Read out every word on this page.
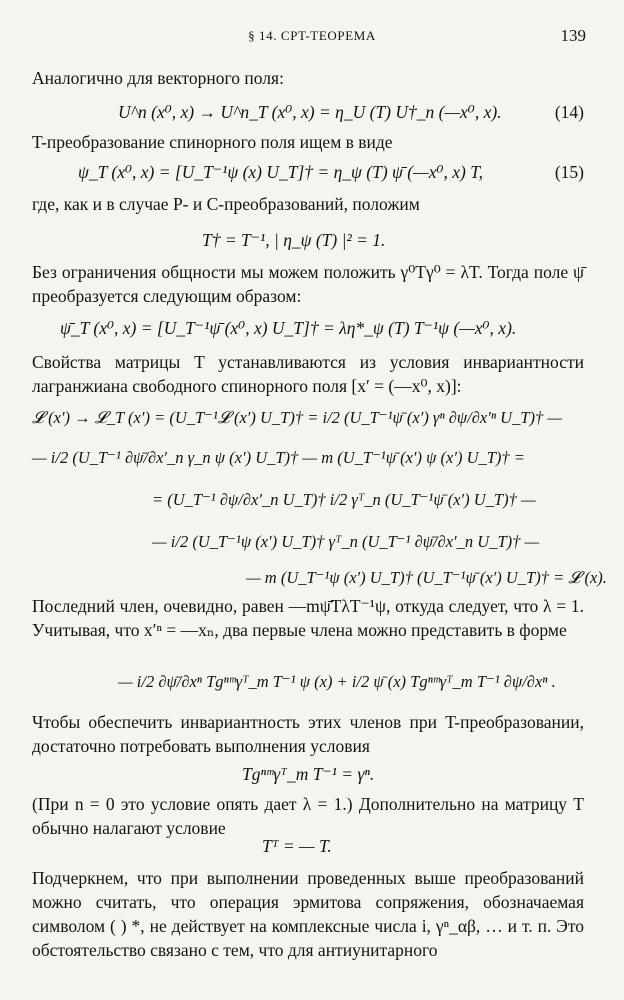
§ 14. CPT-ТЕОРЕМА	139
Аналогично для векторного поля:
U^n (x⁰, x) → U^n_T (x⁰, x) = η_U (T) U†_n (—x⁰, x).	(14)
T-преобразование спинорного поля ищем в виде
ψ_T (x⁰, x) = [U_T⁻¹ψ (x) U_T]† = η_ψ (T) ψ̄ (—x⁰, x) T,	(15)
где, как и в случае P- и C-преобразований, положим
T† = T⁻¹, | η_ψ (T) |² = 1.
Без ограничения общности мы можем положить γ⁰Tγ⁰ = λT. Тогда поле ψ̄ преобразуется следующим образом:
ψ̄_T (x⁰, x) = [U_T⁻¹ψ̄ (x⁰, x) U_T]† = λη*_ψ (T) T⁻¹ψ (—x⁰, x).
Свойства матрицы T устанавливаются из условия инвариантности лагранжиана свободного спинорного поля [x′ = (—x⁰, x)]:
𝓛 (x′) → 𝓛_T (x′) = (U_T⁻¹𝓛 (x′) U_T)† = i/2 (U_T⁻¹ψ̄ (x′) γⁿ ∂ψ/∂x′ⁿ U_T)† —
— i/2 (U_T⁻¹ ∂ψ̄/∂x′_n γ_n ψ (x′) U_T)† — m (U_T⁻¹ψ̄ (x′) ψ (x′) U_T)† =
= (U_T⁻¹ ∂ψ/∂x′_n U_T)† i/2 γᵀ_n (U_T⁻¹ψ̄ (x′) U_T)† —
— i/2 (U_T⁻¹ψ (x′) U_T)† γᵀ_n (U_T⁻¹ ∂ψ̄/∂x′_n U_T)† —
— m (U_T⁻¹ψ (x′) U_T)† (U_T⁻¹ψ̄ (x′) U_T)† = 𝓛 (x).
Последний член, очевидно, равен —mψ̄TλT⁻¹ψ, откуда следует, что λ = 1. Учитывая, что x′ⁿ = —xₙ, два первые члена можно представить в форме
— i/2 ∂ψ̄/∂xⁿ Tgⁿᵐγᵀ_m T⁻¹ ψ (x) + i/2 ψ̄ (x) Tgⁿᵐγᵀ_m T⁻¹ ∂ψ/∂xⁿ .
Чтобы обеспечить инвариантность этих членов при T-преобразовании, достаточно потребовать выполнения условия
Tgⁿᵐγᵀ_m T⁻¹ = γⁿ.
(При n = 0 это условие опять дает λ = 1.) Дополнительно на матрицу T обычно налагают условие
Tᵀ = — T.
Подчеркнем, что при выполнении проведенных выше преобразований можно считать, что операция эрмитова сопряжения, обозначаемая символом ( ) *, не действует на комплексные числа i, γⁿ_αβ, … и т. п. Это обстоятельство связано с тем, что для антиунитарного
